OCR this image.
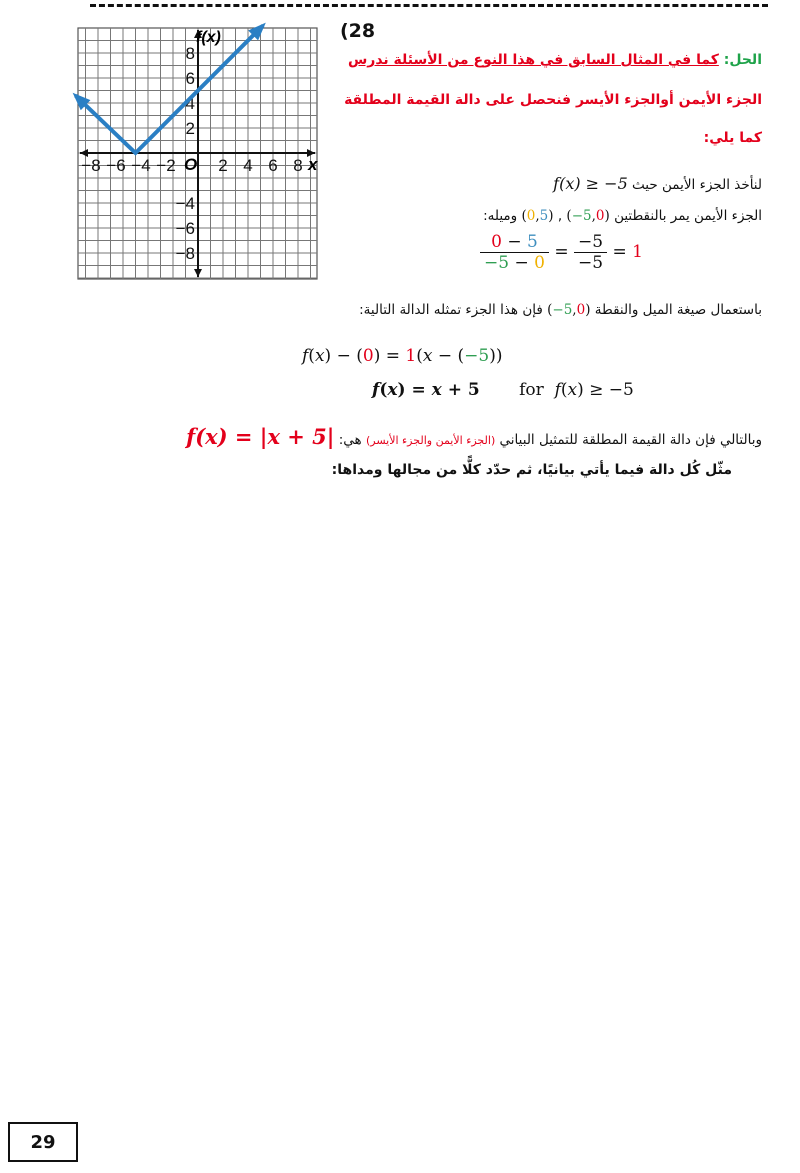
(28
−8 −6 −4 −2	2 4 6 8
8
6
4
2
−4
−6
−8
f(x)
x
O
الحل: كما في المثال السابق في هذا النوع من الأسئلة ندرس
الجزء الأيمن أوالجزء الأيسر فنحصل على دالة القيمة المطلقة
كما يلي:
لنأخذ الجزء الأيمن حيث f(x) ≥ −5
الجزء الأيمن يمر بالنقطتين (−5,0) , (0,5) وميله:
$\frac{0 - 5}{-5 - 0} = \frac{-5}{-5} = 1$
باستعمال صيغة الميل والنقطة (−5,0) فإن هذا الجزء تمثله الدالة التالية:
f(x) − (0) = 1(x − (−5))
f(x) = x + 5 for  f(x) ≥ −5
وبالتالي فإن دالة القيمة المطلقة للتمثيل البياني (الجزء الأيمن والجزء الأيسر) هي: f(x) = |x + 5|
مثّل كُل دالة فيما يأتي بيانيًا، ثم حدّد كلًّا من مجالها ومداها:
29
